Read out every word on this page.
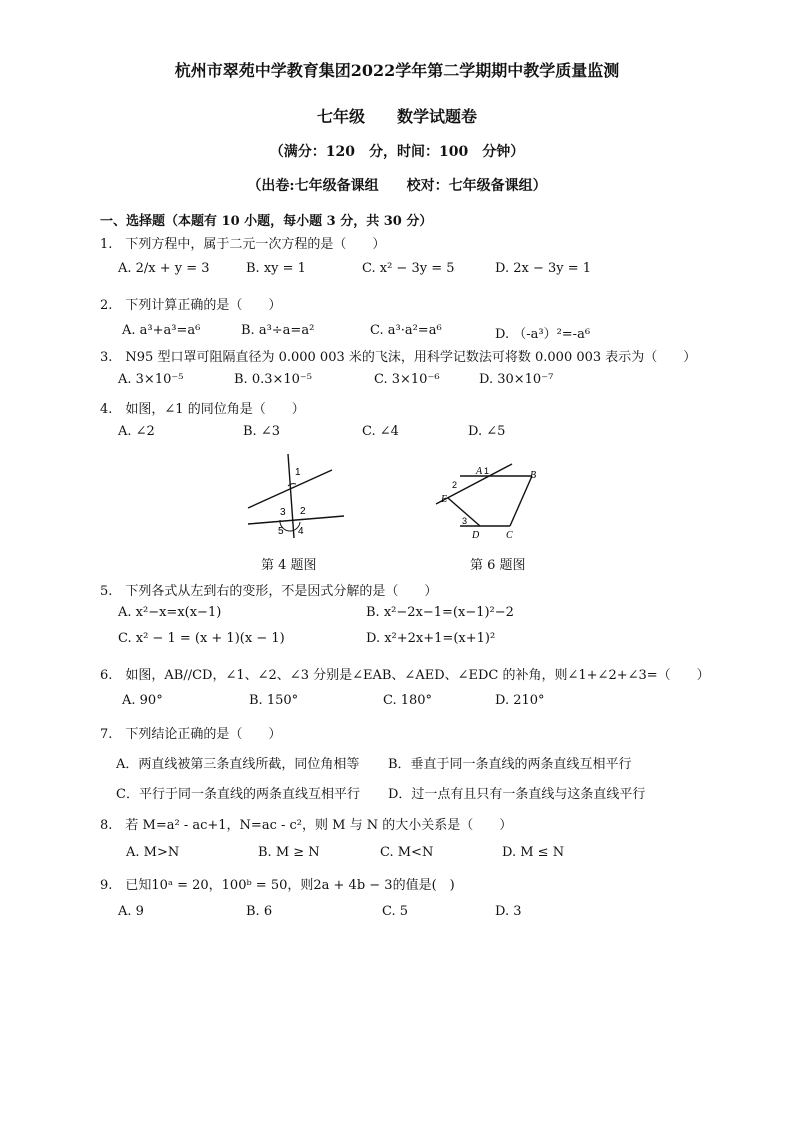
杭州市翠苑中学教育集团2022学年第二学期期中教学质量监测
七年级　　数学试题卷
（满分：120　分，时间：100　分钟）
（出卷:七年级备课组　　校对：七年级备课组）
一、选择题（本题有 10 小题，每小题 3 分，共 30 分）
1.　下列方程中，属于二元一次方程的是（　　）
A. 2/x + y = 3	B. xy = 1	C. x² − 3y = 5	D. 2x − 3y = 1
2.　下列计算正确的是（　　）
A. a³+a³=a⁶	B. a³÷a=a²	C. a³·a²=a⁶	D. （-a³）²=-a⁶
3.　N95 型口罩可阻隔直径为 0.000 003 米的飞沫，用科学记数法可将数 0.000 003 表示为（　　）
A. 3×10⁻⁵	B. 0.3×10⁻⁵	C. 3×10⁻⁶	D. 30×10⁻⁷
4.　如图，∠1 的同位角是（　　）
A. ∠2	B. ∠3	C. ∠4	D. ∠5
1
2
3
4
5
A	B
C
D
E
1
2
3
第 4 题图	第 6 题图
5.　下列各式从左到右的变形，不是因式分解的是（　　）
A. x²−x=x(x−1)	B. x²−2x−1=(x−1)²−2
C. x² − 1 = (x + 1)(x − 1)	D. x²+2x+1=(x+1)²
6.　如图，AB//CD，∠1、∠2、∠3 分别是∠EAB、∠AED、∠EDC 的补角，则∠1+∠2+∠3=（　　）
A. 90°	B. 150°	C. 180°	D. 210°
7.　下列结论正确的是（　　）
A．两直线被第三条直线所截，同位角相等 B．垂直于同一条直线的两条直线互相平行
C．平行于同一条直线的两条直线互相平行 D．过一点有且只有一条直线与这条直线平行
8.　若 M=a² - ac+1，N=ac - c²，则 M 与 N 的大小关系是（　　）
A. M>N	B. M ≥ N	C. M<N	D. M ≤ N
9.　已知10ᵃ = 20，100ᵇ = 50，则2a + 4b − 3的值是(　)
A. 9	B. 6	C. 5	D. 3
